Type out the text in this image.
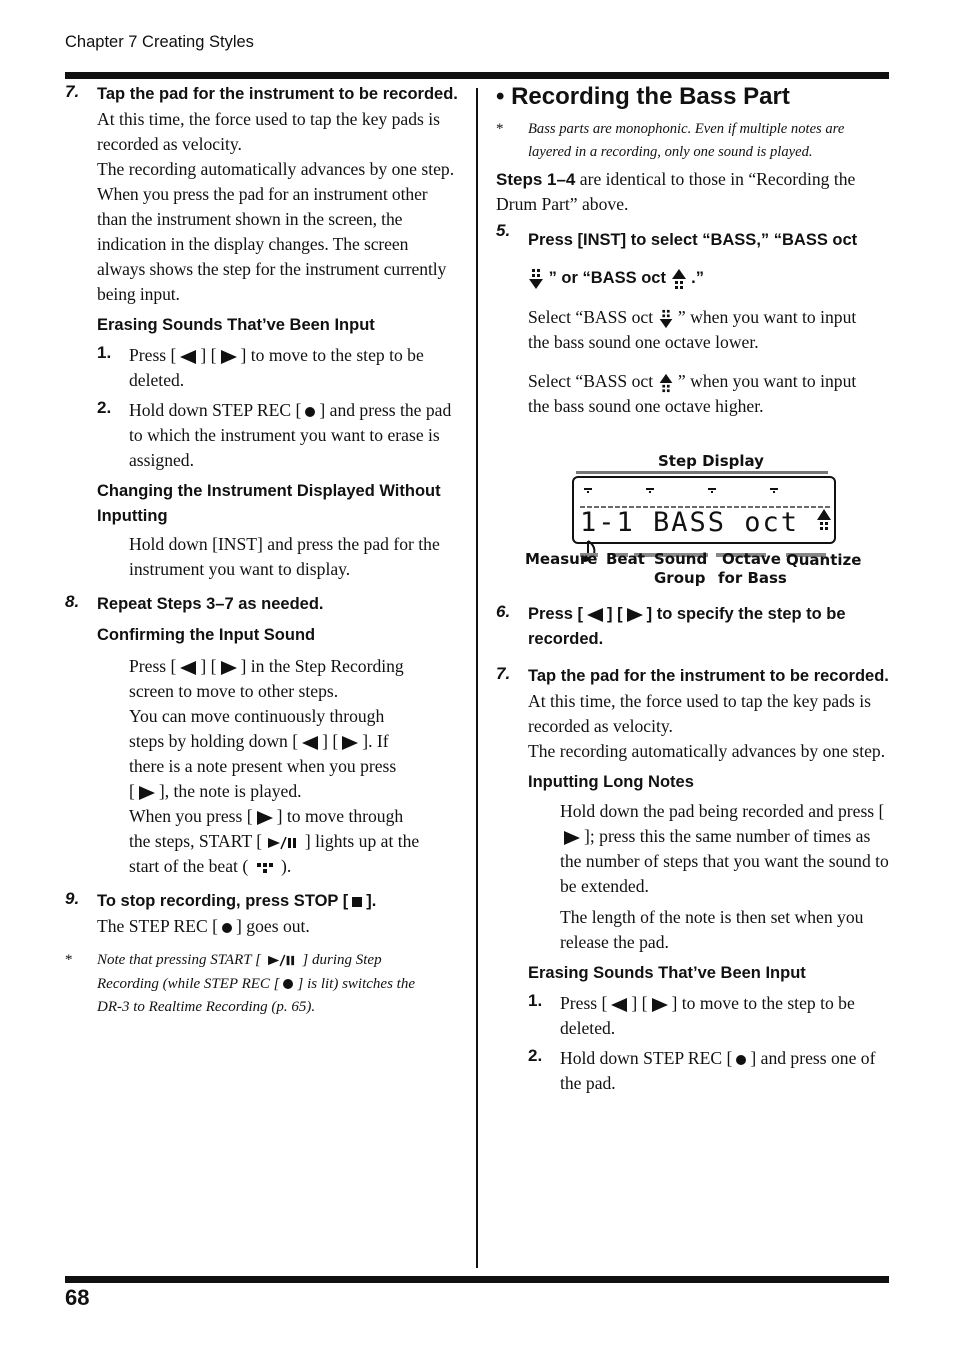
Chapter 7 Creating Styles
68
7. Tap the pad for the instrument to be recorded.
At this time, the force used to tap the key pads is recorded as velocity.
The recording automatically advances by one step.
When you press the pad for an instrument other than the instrument shown in the screen, the indication in the display changes. The screen always shows the step for the instrument currently being input.
Erasing Sounds That’ve Been Input
1. Press [ ] [ ] to move to the step to be deleted.
2. Hold down STEP REC [ ] and press the pad to which the instrument you want to erase is assigned.
Changing the Instrument Displayed Without Inputting
Hold down [INST] and press the pad for the instrument you want to display.
8. Repeat Steps 3–7 as needed.
Confirming the Input Sound
Press [ ] [ ] in the Step Recording
screen to move to other steps.
You can move continuously through
steps by holding down [ ] [ ]. If
there is a note present when you press
[ ], the note is played.
When you press [ ] to move through
the steps, START [ ] lights up at the
start of the beat ( ).
9. To stop recording, press STOP [ ].
The STEP REC [ ] goes out.
* Note that pressing START [	] during Step
Recording (while STEP REC [ ] is lit) switches the
DR-3 to Realtime Recording (p. 65).
• Recording the Bass Part
* Bass parts are monophonic. Even if multiple notes are layered in a recording, only one sound is played.
Steps 1–4 are identical to those in “Recording the Drum Part” above.
5. Press [INST] to select “BASS,” “BASS oct
” or “BASS oct .”
Select “BASS oct ” when you want to input
the bass sound one octave lower.
Select “BASS oct ” when you want to input
the bass sound one octave higher.
Step Display
1-1 BASS oct
Measure Beat Sound
Group
Octave
for Bass
Quantize
6. Press [ ] [ ] to specify the step to be
recorded.
7. Tap the pad for the instrument to be recorded.
At this time, the force used to tap the key pads is recorded as velocity.
The recording automatically advances by one step.
Inputting Long Notes
Hold down the pad being recorded and press []; press this the same number of times as the number of steps that you want the sound to be extended.
The length of the note is then set when you release the pad.
Erasing Sounds That’ve Been Input
1. Press [ ] [ ] to move to the step to be deleted.
2. Hold down STEP REC [ ] and press one of the pad.
